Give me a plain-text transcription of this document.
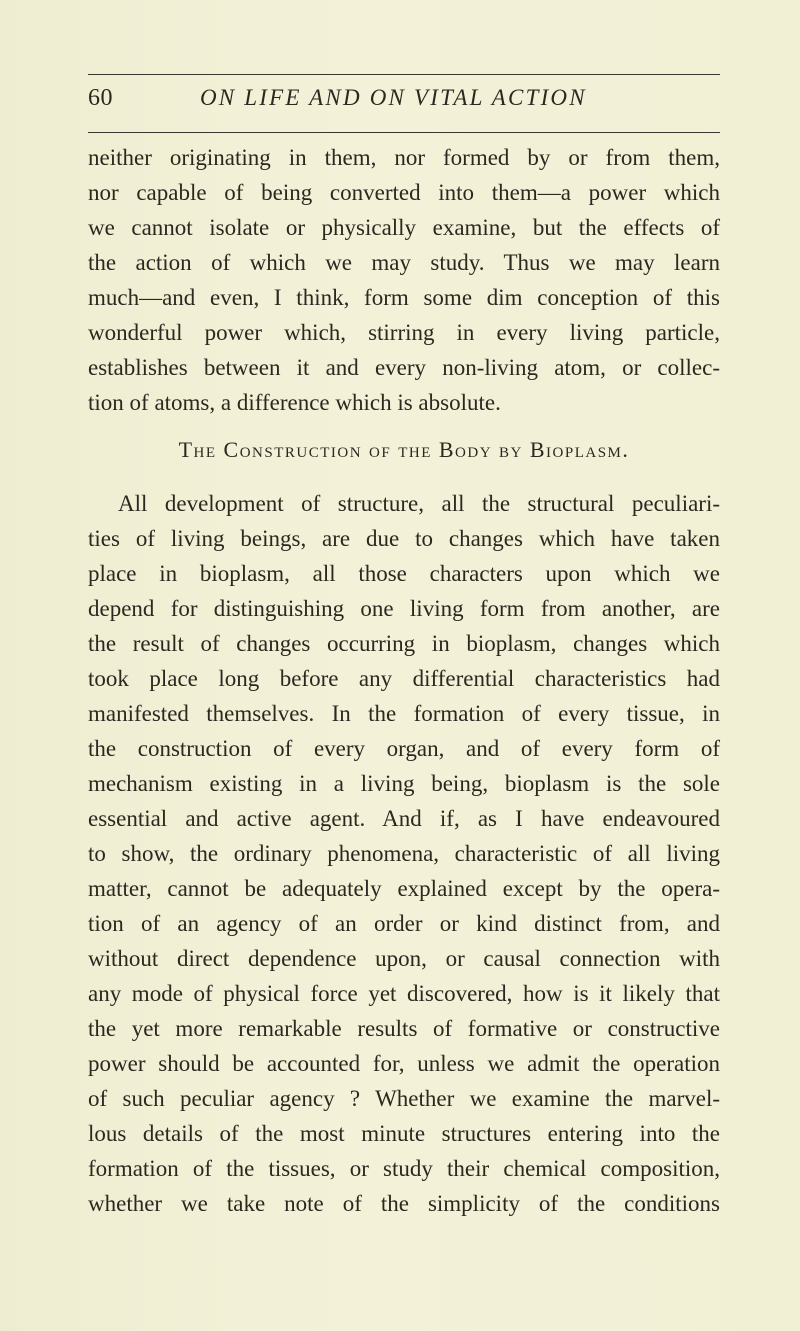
60	ON LIFE AND ON VITAL ACTION
neither originating in them, nor formed by or from them,
nor capable of being converted into them—a power which
we cannot isolate or physically examine, but the effects of
the action of which we may study. Thus we may learn
much—and even, I think, form some dim conception of this
wonderful power which, stirring in every living particle,
establishes between it and every non-living atom, or collec-
tion of atoms, a difference which is absolute.
The Construction of the Body by Bioplasm.
All development of structure, all the structural peculiari-
ties of living beings, are due to changes which have taken
place in bioplasm, all those characters upon which we
depend for distinguishing one living form from another, are
the result of changes occurring in bioplasm, changes which
took place long before any differential characteristics had
manifested themselves. In the formation of every tissue, in
the construction of every organ, and of every form of
mechanism existing in a living being, bioplasm is the sole
essential and active agent. And if, as I have endeavoured
to show, the ordinary phenomena, characteristic of all living
matter, cannot be adequately explained except by the opera-
tion of an agency of an order or kind distinct from, and
without direct dependence upon, or causal connection with
any mode of physical force yet discovered, how is it likely that
the yet more remarkable results of formative or constructive
power should be accounted for, unless we admit the operation
of such peculiar agency ? Whether we examine the marvel-
lous details of the most minute structures entering into the
formation of the tissues, or study their chemical composition,
whether we take note of the simplicity of the conditions
